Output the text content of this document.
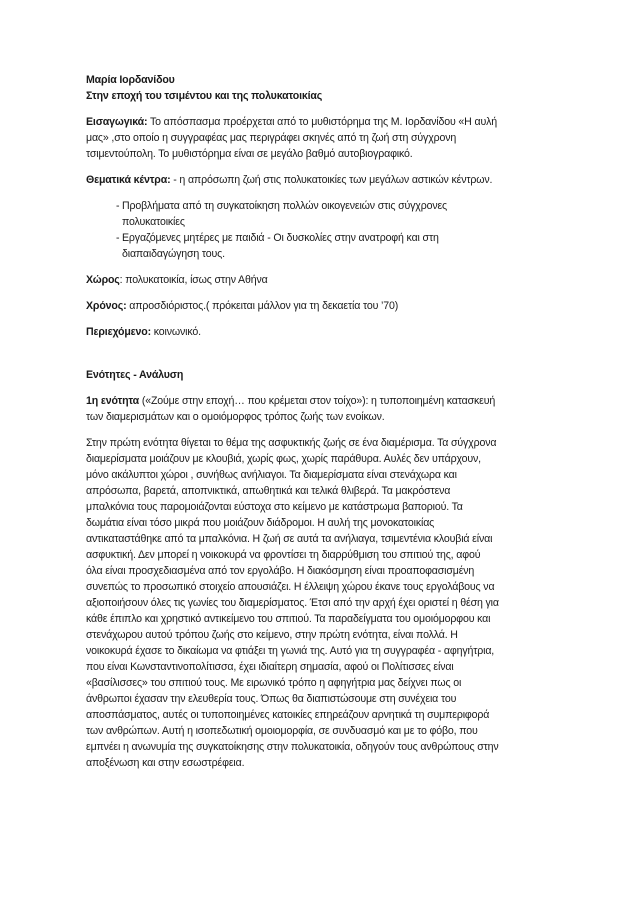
Μαρία Ιορδανίδου

Στην εποχή του τσιμέντου και της πολυκατοικίας

Εισαγωγικά: Το απόσπασμα προέρχεται από το μυθιστόρημα της Μ. Ιορδανίδου «Η αυλή

μας» ,στο οποίο η συγγραφέας μας περιγράφει σκηνές από τη ζωή στη σύγχρονη

τσιμεντούπολη. Το μυθιστόρημα είναι σε μεγάλο βαθμό αυτοβιογραφικό.

Θεματικά κέντρα: - η απρόσωπη ζωή στις πολυκατοικίες των μεγάλων αστικών κέντρων.

- Προβλήματα από τη συγκατοίκηση πολλών οικογενειών στις σύγχρονες
πολυκατοικίες
- Εργαζόμενες μητέρες με παιδιά - Οι δυσκολίες στην ανατροφή και στη
διαπαιδαγώγηση τους.

Χώρος: πολυκατοικία, ίσως στην Αθήνα

Χρόνος: απροσδιόριστος.( πρόκειται μάλλον για τη δεκαετία του ’70)

Περιεχόμενο: κοινωνικό.

Ενότητες - Ανάλυση

1η ενότητα («Ζούμε στην εποχή… που κρέμεται στον τοίχο»): η τυποποιημένη κατασκευή

των διαμερισμάτων και ο ομοιόμορφος τρόπος ζωής των ενοίκων.

Στην πρώτη ενότητα θίγεται το θέμα της ασφυκτικής ζωής σε ένα διαμέρισμα. Τα σύγχρονα

διαμερίσματα μοιάζουν με κλουβιά, χωρίς φως, χωρίς παράθυρα. Αυλές δεν υπάρχουν,

μόνο ακάλυπτοι χώροι , συνήθως ανήλιαγοι. Τα διαμερίσματα είναι στενάχωρα και

απρόσωπα, βαρετά, αποπνικτικά, απωθητικά και τελικά θλιβερά. Τα μακρόστενα

μπαλκόνια τους παρομοιάζονται εύστοχα στο κείμενο με κατάστρωμα βαποριού. Τα

δωμάτια είναι τόσο μικρά που μοιάζουν διάδρομοι. Η αυλή της μονοκατοικίας

αντικαταστάθηκε από τα μπαλκόνια. Η ζωή σε αυτά τα ανήλιαγα, τσιμεντένια κλουβιά είναι

ασφυκτική. Δεν μπορεί η νοικοκυρά να φροντίσει τη διαρρύθμιση του σπιτιού της, αφού

όλα είναι προσχεδιασμένα από τον εργολάβο. Η διακόσμηση είναι προαποφασισμένη

συνεπώς το προσωπικό στοιχείο απουσιάζει. Η έλλειψη χώρου έκανε τους εργολάβους να

αξιοποιήσουν όλες τις γωνίες του διαμερίσματος. Έτσι από την αρχή έχει οριστεί η θέση για

κάθε έπιπλο και χρηστικό αντικείμενο του σπιτιού. Τα παραδείγματα του ομοιόμορφου και

στενάχωρου αυτού τρόπου ζωής στο κείμενο, στην πρώτη ενότητα, είναι πολλά. Η

νοικοκυρά έχασε το δικαίωμα να φτιάξει τη γωνιά της. Αυτό για τη συγγραφέα - αφηγήτρια,

που είναι Κωνσταντινοπολίτισσα, έχει ιδιαίτερη σημασία, αφού οι Πολίτισσες είναι

«βασίλισσες» του σπιτιού τους. Με ειρωνικό τρόπο η αφηγήτρια μας δείχνει πως οι

άνθρωποι έχασαν την ελευθερία τους. Όπως θα διαπιστώσουμε στη συνέχεια του

αποσπάσματος, αυτές οι τυποποιημένες κατοικίες επηρεάζουν αρνητικά τη συμπεριφορά

των ανθρώπων. Αυτή η ισοπεδωτική ομοιομορφία, σε συνδυασμό και με το φόβο, που

εμπνέει η ανωνυμία της συγκατοίκησης στην πολυκατοικία, οδηγούν τους ανθρώπους στην

αποξένωση και στην εσωστρέφεια.
